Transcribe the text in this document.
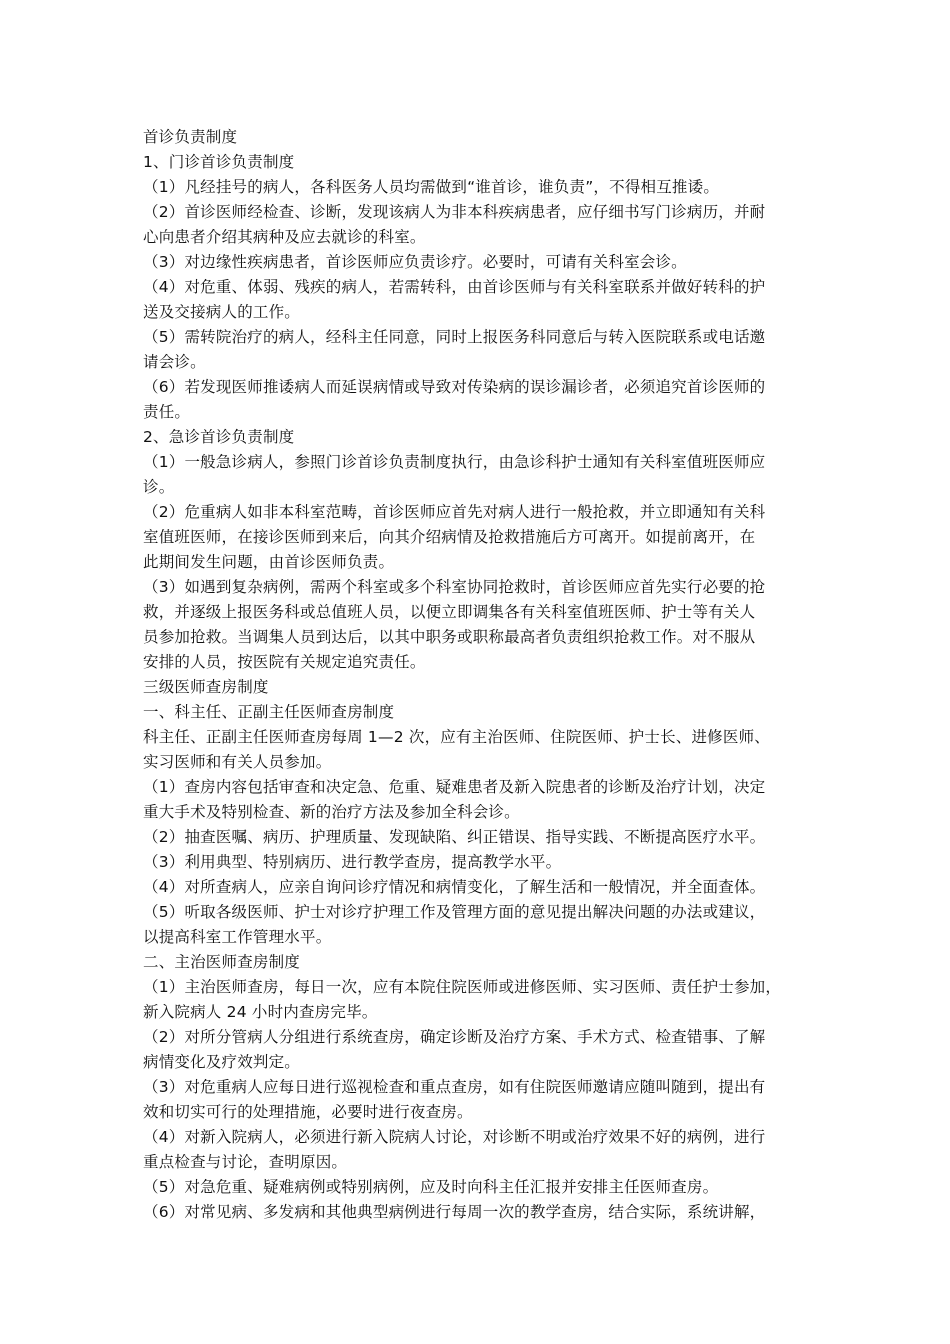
首诊负责制度
1、门诊首诊负责制度
（1）凡经挂号的病人，各科医务人员均需做到“谁首诊，谁负责”，不得相互推诿。
（2）首诊医师经检查、诊断，发现该病人为非本科疾病患者，应仔细书写门诊病历，并耐
心向患者介绍其病种及应去就诊的科室。
（3）对边缘性疾病患者，首诊医师应负责诊疗。必要时，可请有关科室会诊。
（4）对危重、体弱、残疾的病人，若需转科，由首诊医师与有关科室联系并做好转科的护
送及交接病人的工作。
（5）需转院治疗的病人，经科主任同意，同时上报医务科同意后与转入医院联系或电话邀
请会诊。
（6）若发现医师推诿病人而延误病情或导致对传染病的误诊漏诊者，必须追究首诊医师的
责任。
2、急诊首诊负责制度
（1）一般急诊病人，参照门诊首诊负责制度执行，由急诊科护士通知有关科室值班医师应
诊。
（2）危重病人如非本科室范畴，首诊医师应首先对病人进行一般抢救，并立即通知有关科
室值班医师，在接诊医师到来后，向其介绍病情及抢救措施后方可离开。如提前离开，在
此期间发生问题，由首诊医师负责。
（3）如遇到复杂病例，需两个科室或多个科室协同抢救时，首诊医师应首先实行必要的抢
救，并逐级上报医务科或总值班人员，以便立即调集各有关科室值班医师、护士等有关人
员参加抢救。当调集人员到达后，以其中职务或职称最高者负责组织抢救工作。对不服从
安排的人员，按医院有关规定追究责任。
三级医师查房制度
一、科主任、正副主任医师查房制度
科主任、正副主任医师查房每周 1—2 次，应有主治医师、住院医师、护士长、进修医师、
实习医师和有关人员参加。
（1）查房内容包括审查和决定急、危重、疑难患者及新入院患者的诊断及治疗计划，决定
重大手术及特别检查、新的治疗方法及参加全科会诊。
（2）抽查医嘱、病历、护理质量、发现缺陷、纠正错误、指导实践、不断提高医疗水平。
（3）利用典型、特别病历、进行教学查房，提高教学水平。
（4）对所查病人，应亲自询问诊疗情况和病情变化，了解生活和一般情况，并全面查体。
（5）听取各级医师、护士对诊疗护理工作及管理方面的意见提出解决问题的办法或建议，
以提高科室工作管理水平。
二、主治医师查房制度
（1）主治医师查房，每日一次，应有本院住院医师或进修医师、实习医师、责任护士参加，
新入院病人 24 小时内查房完毕。
（2）对所分管病人分组进行系统查房，确定诊断及治疗方案、手术方式、检查错事、了解
病情变化及疗效判定。
（3）对危重病人应每日进行巡视检查和重点查房，如有住院医师邀请应随叫随到，提出有
效和切实可行的处理措施，必要时进行夜查房。
（4）对新入院病人，必须进行新入院病人讨论，对诊断不明或治疗效果不好的病例，进行
重点检查与讨论，查明原因。
（5）对急危重、疑难病例或特别病例，应及时向科主任汇报并安排主任医师查房。
（6）对常见病、多发病和其他典型病例进行每周一次的教学查房，结合实际，系统讲解，
